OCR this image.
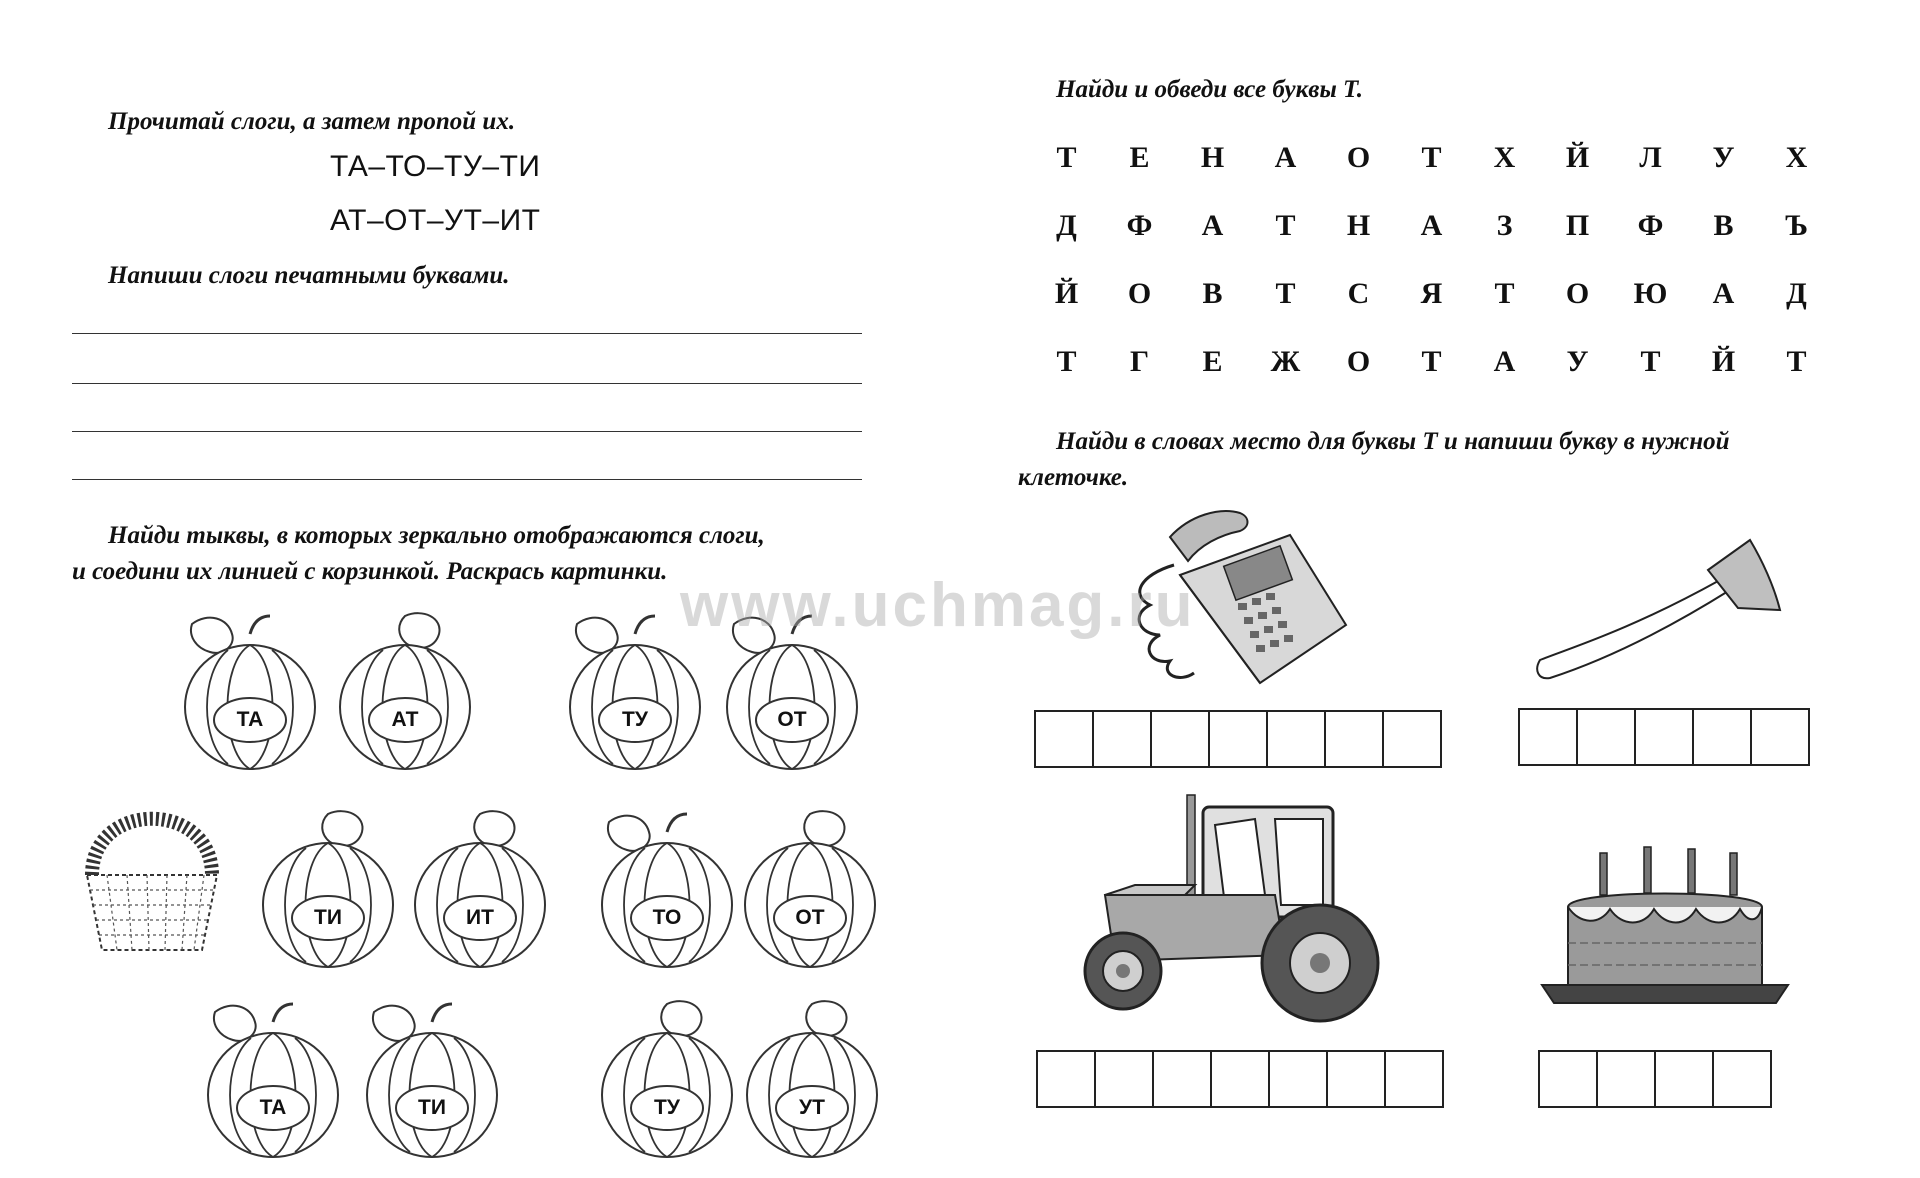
Прочитай слоги, а затем пропой их.

ТА–ТО–ТУ–ТИ

АТ–ОТ–УТ–ИТ

Напиши слоги печатными буквами.

Найди тыквы, в которых зеркально отображаются слоги,

и соедини их линией с корзинкой. Раскрась картинки.

ТА	АТ	ТУ	ОТ
ТИ	ИТ	ТО	ОТ
ТА	ТИ	ТУ	УТ

Найди и обведи все буквы Т.

Т	Е	Н	А	О	Т	Х	Й	Л	У	Х
Д	Ф	А	Т	Н	А	З	П	Ф	В	Ъ
Й	О	В	Т	С	Я	Т	О	Ю	А	Д
Т	Г	Е	Ж	О	Т	А	У	Т	Й	Т

Найди в словах место для буквы Т и напиши букву в нужной

клеточке.

www.uchmag.ru
